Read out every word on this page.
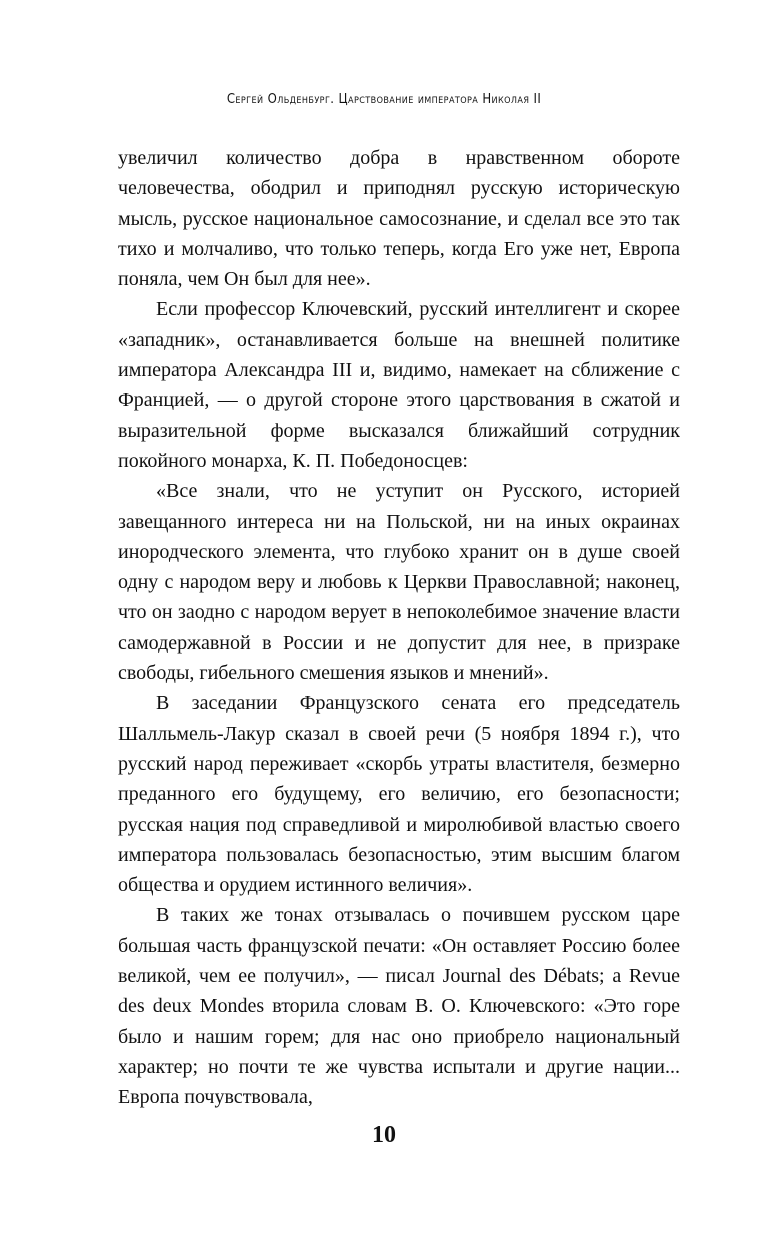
Сергей Ольденбург. Царствование императора Николая II

увеличил количество добра в нравственном обороте человечества, ободрил и приподнял русскую историческую мысль, русское национальное самосознание, и сделал все это так тихо и молчаливо, что только теперь, когда Его уже нет, Европа поняла, чем Он был для нее».

Если профессор Ключевский, русский интеллигент и скорее «западник», останавливается больше на внешней политике императора Александра III и, видимо, намекает на сближение с Францией, — о другой стороне этого царствования в сжатой и выразительной форме высказался ближайший сотрудник покойного монарха, К. П. Победоносцев:

«Все знали, что не уступит он Русского, историей завещанного интереса ни на Польской, ни на иных окраинах инородческого элемента, что глубоко хранит он в душе своей одну с народом веру и любовь к Церкви Православной; наконец, что он заодно с народом верует в непоколебимое значение власти самодержавной в России и не допустит для нее, в призраке свободы, гибельного смешения языков и мнений».

В заседании Французского сената его председатель Шалльмель-Лакур сказал в своей речи (5 ноября 1894 г.), что русский народ переживает «скорбь утраты властителя, безмерно преданного его будущему, его величию, его безопасности; русская нация под справедливой и миролюбивой властью своего императора пользовалась безопасностью, этим высшим благом общества и орудием истинного величия».

В таких же тонах отзывалась о почившем русском царе большая часть французской печати: «Он оставляет Россию более великой, чем ее получил», — писал Journal des Débats; а Revue des deux Mondes вторила словам В. О. Ключевского: «Это горе было и нашим горем; для нас оно приобрело национальный характер; но почти те же чувства испытали и другие нации... Европа почувствовала,

10
